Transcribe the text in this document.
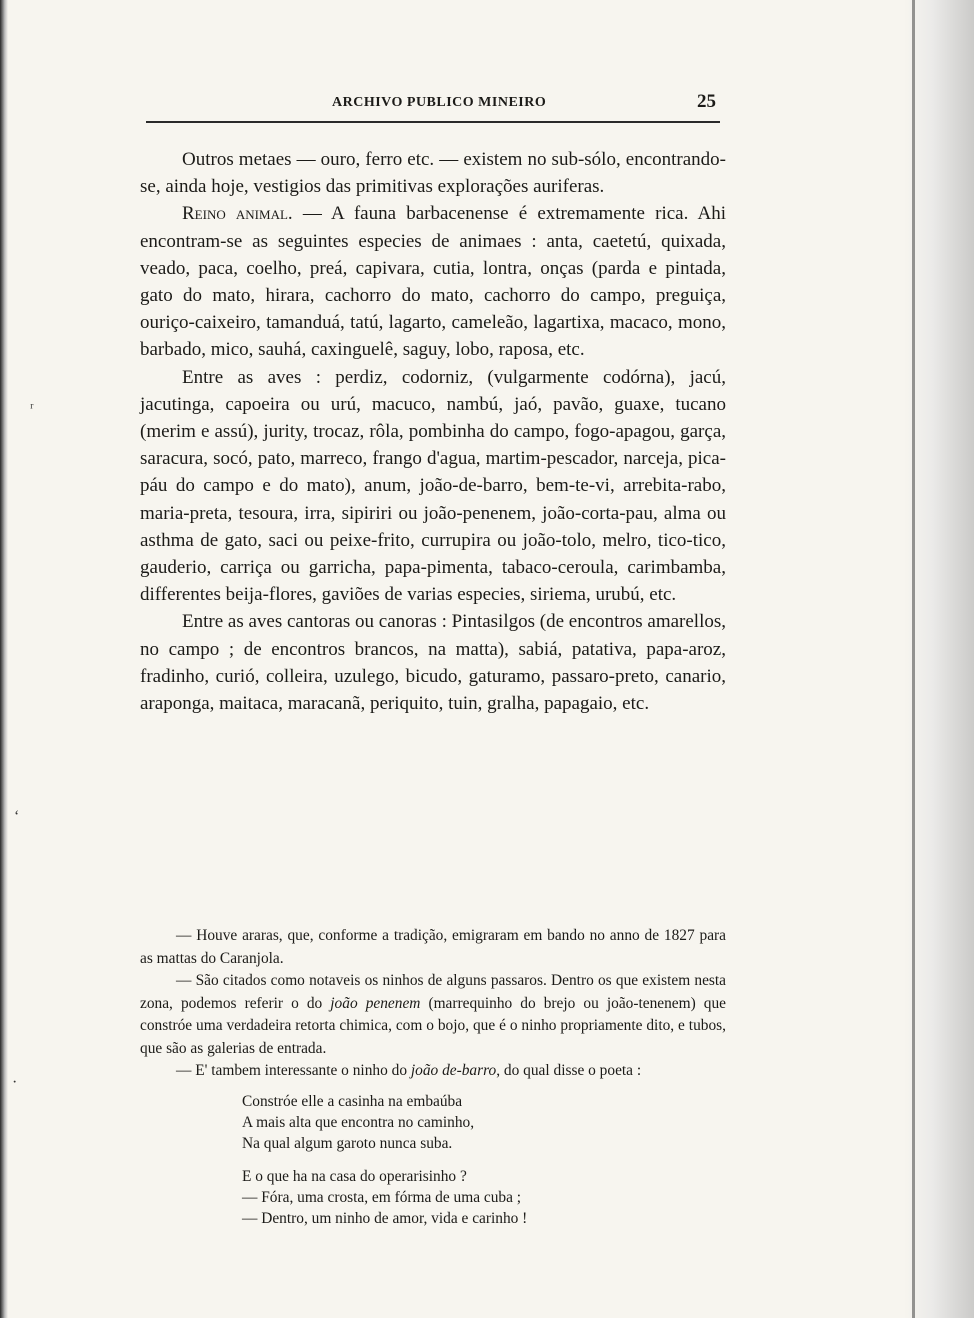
ARCHIVO PUBLICO MINEIRO	25

Outros metaes — ouro, ferro etc. — existem no sub-sólo, encontrando-se, ainda hoje, vestigios das primitivas explorações auriferas.

Reino animal. — A fauna barbacenense é extremamente rica. Ahi encontram-se as seguintes especies de animaes : anta, caetetú, quixada, veado, paca, coelho, preá, capivara, cutia, lontra, onças (parda e pintada, gato do mato, hirara, cachorro do mato, cachorro do campo, preguiça, ouriço-caixeiro, tamanduá, tatú, lagarto, cameleão, lagartixa, macaco, mono, barbado, mico, sauhá, caxinguelê, saguy, lobo, raposa, etc.

Entre as aves : perdiz, codorniz, (vulgarmente codórna), jacú, jacutinga, capoeira ou urú, macuco, nambú, jaó, pavão, guaxe, tucano (merim e assú), jurity, trocaz, rôla, pombinha do campo, fogo-apagou, garça, saracura, socó, pato, marreco, frango d'agua, martim-pescador, narceja, pica-páu do campo e do mato), anum, joão-de-barro, bem-te-vi, arrebita-rabo, maria-preta, tesoura, irra, sipiriri ou joão-penenem, joão-corta-pau, alma ou asthma de gato, saci ou peixe-frito, currupira ou joão-tolo, melro, tico-tico, gauderio, carriça ou garricha, papa-pimenta, tabaco-ceroula, carimbamba, differentes beija-flores, gaviões de varias especies, siriema, urubú, etc.

Entre as aves cantoras ou canoras : Pintasilgos (de encontros amarellos, no campo ; de encontros brancos, na matta), sabiá, patativa, papa-aroz, fradinho, curió, colleira, uzulego, bicudo, gaturamo, passaro-preto, canario, araponga, maitaca, maracanã, periquito, tuin, gralha, papagaio, etc.

— Houve araras, que, conforme a tradição, emigraram em bando no anno de 1827 para as mattas do Caranjola.

— São citados como notaveis os ninhos de alguns passaros. Dentro os que existem nesta zona, podemos referir o do joão penenem (marrequinho do brejo ou joão-tenenem) que constróe uma verdadeira retorta chimica, com o bojo, que é o ninho propriamente dito, e tubos, que são as galerias de entrada.

— E' tambem interessante o ninho do joão de-barro, do qual disse o poeta :

Constróe elle a casinha na embaúba
A mais alta que encontra no caminho,
Na qual algum garoto nunca suba.
E o que ha na casa do operarisinho ?
— Fóra, uma crosta, em fórma de uma cuba ;
— Dentro, um ninho de amor, vida e carinho !
ʳ
‘
·
